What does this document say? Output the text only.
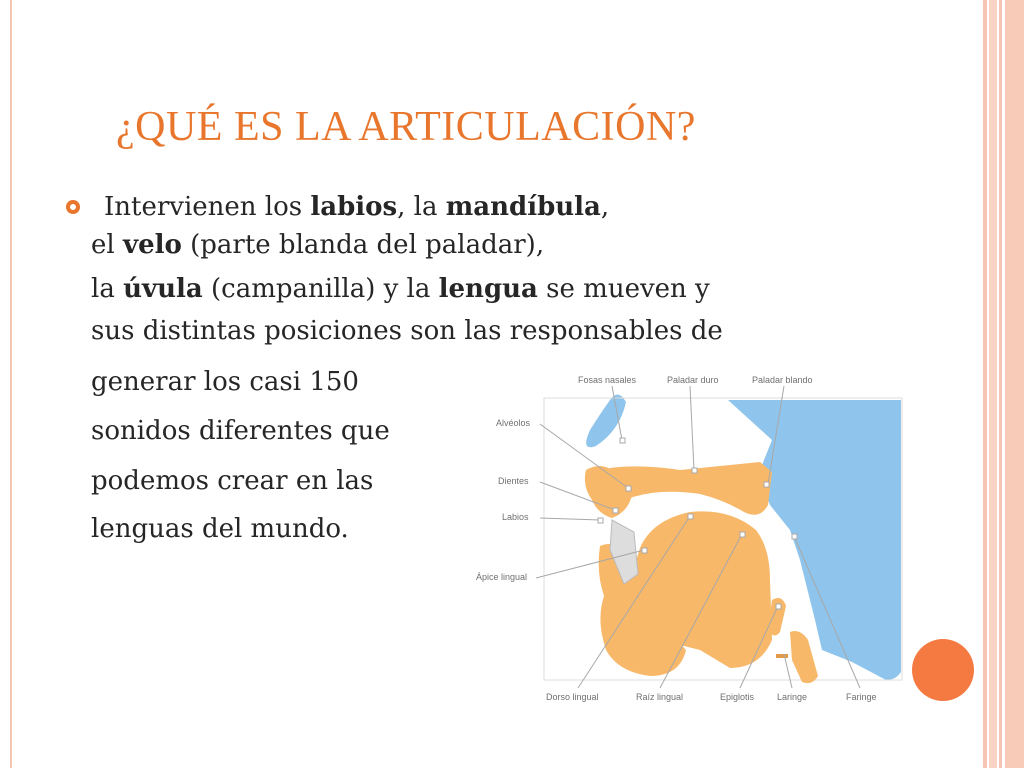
¿QUÉ ES LA ARTICULACIÓN?
Intervienen los labios, la mandíbula,
el velo (parte blanda del paladar),
la úvula (campanilla) y la lengua se mueven y
sus distintas posiciones son las responsables de
generar los casi 150
sonidos diferentes que
podemos crear en las
lenguas del mundo.
Fosas nasales	Paladar duro	Paladar blando
Alvéolos
Dientes
Labios
Ápice lingual
Dorso lingual	Raíz lingual	Epiglotis	Laringe	Faringe
